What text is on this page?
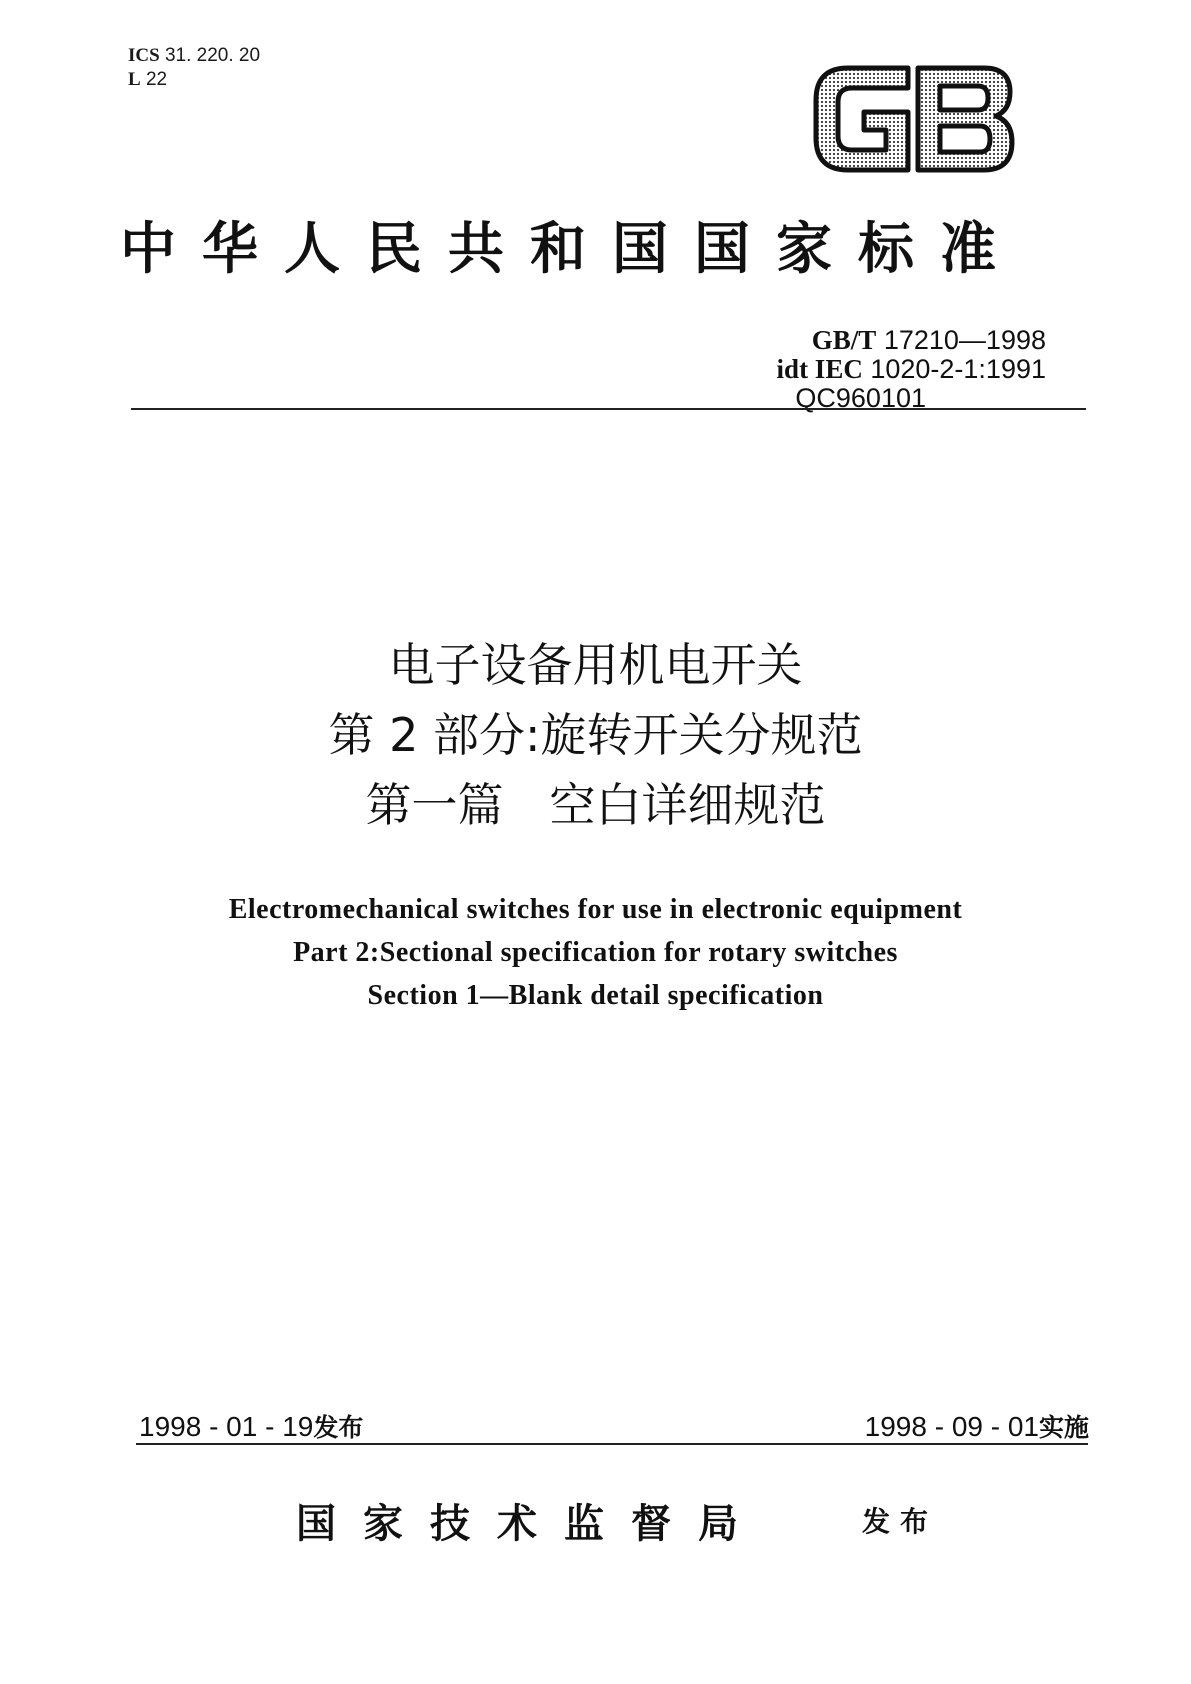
ICS 31. 220. 20
L 22
中华人民共和国国家标准
GB/T 17210—1998
idt IEC 1020-2-1:1991
QC960101
电子设备用机电开关
第 2 部分:旋转开关分规范
第一篇　空白详细规范
Electromechanical switches for use in electronic equipment
Part 2:Sectional specification for rotary switches
Section 1—Blank detail specification
1998 - 01 - 19发布	1998 - 09 - 01实施
国家技术监督局	发布
